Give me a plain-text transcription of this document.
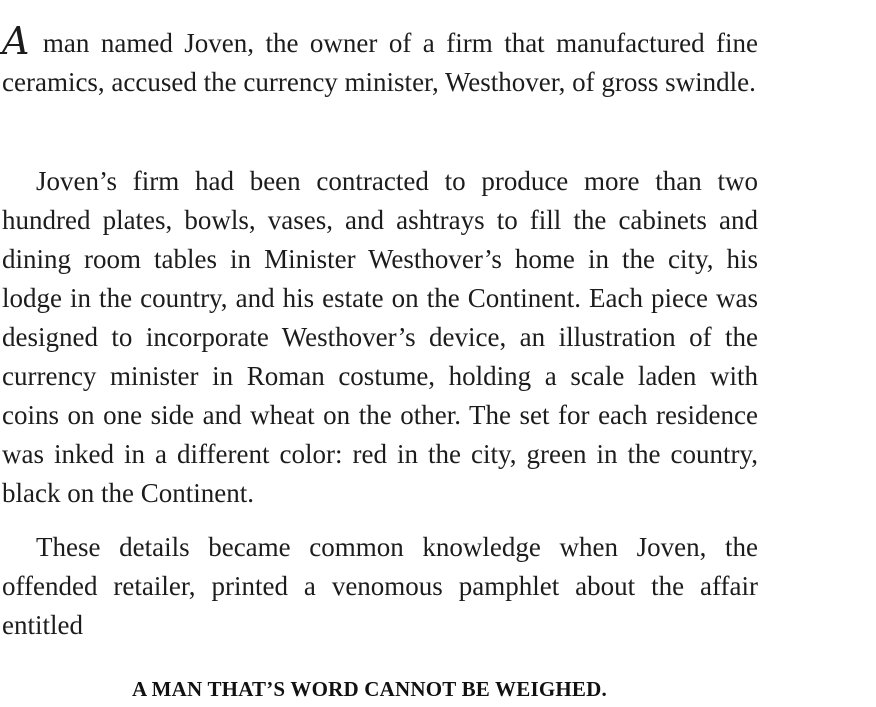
A man named Joven, the owner of a firm that manufactured fine ceramics, accused the currency minister, Westhover, of gross swindle.

Joven’s firm had been contracted to produce more than two hundred plates, bowls, vases, and ashtrays to fill the cabinets and dining room tables in Minister Westhover’s home in the city, his lodge in the country, and his estate on the Continent. Each piece was designed to incorporate Westhover’s device, an illustration of the currency minister in Roman costume, holding a scale laden with coins on one side and wheat on the other. The set for each residence was inked in a different color: red in the city, green in the country, black on the Continent.

These details became common knowledge when Joven, the offended retailer, printed a venomous pamphlet about the affair entitled

A MAN THAT’S WORD CANNOT BE WEIGHED.
